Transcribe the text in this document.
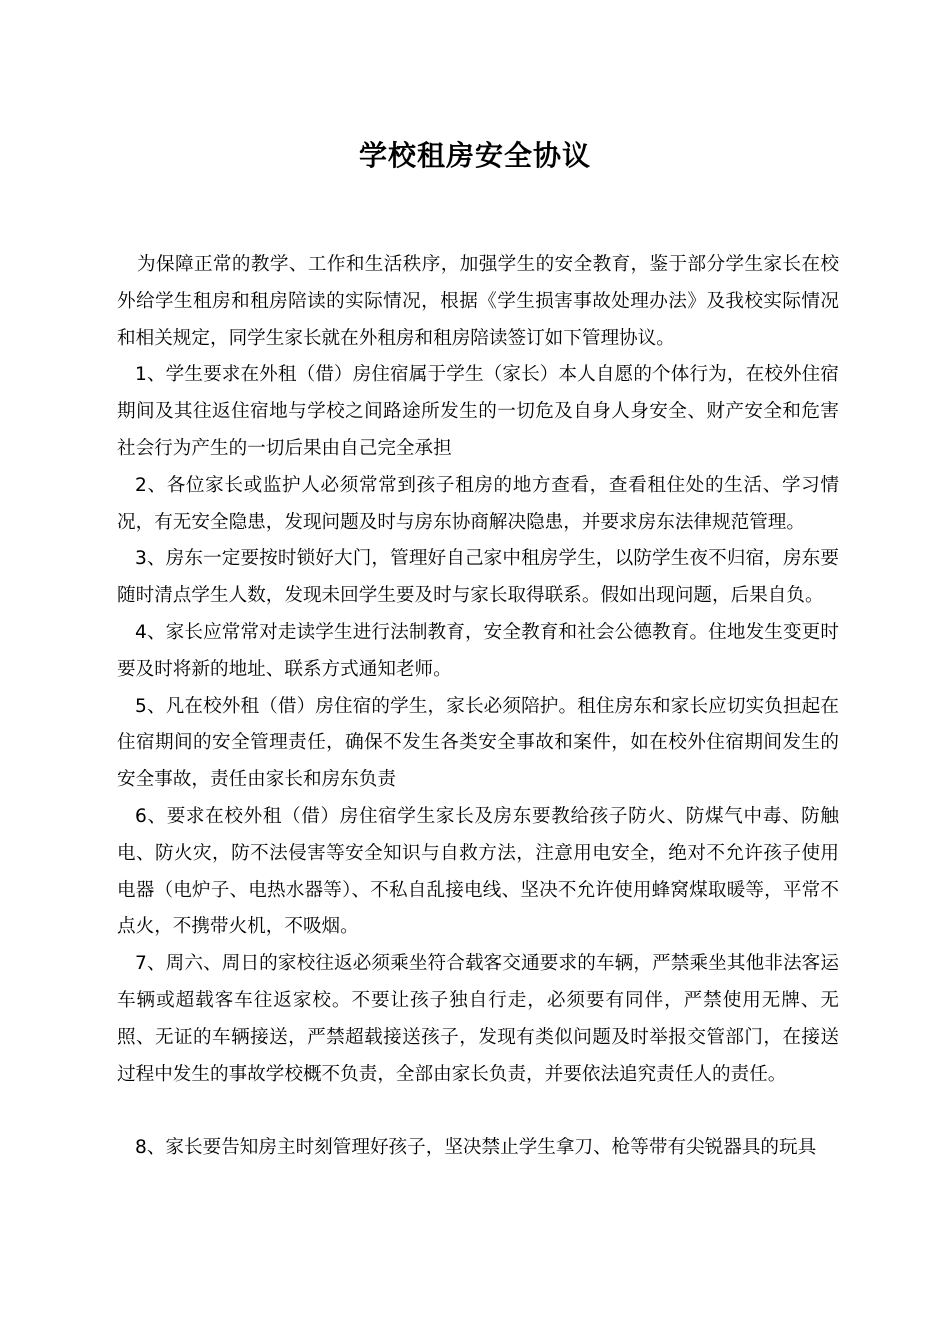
学校租房安全协议

为保障正常的教学、工作和生活秩序，加强学生的安全教育，鉴于部分学生家长在校外给学生租房和租房陪读的实际情况，根据《学生损害事故处理办法》及我校实际情况和相关规定，同学生家长就在外租房和租房陪读签订如下管理协议。

1、学生要求在外租（借）房住宿属于学生（家长）本人自愿的个体行为，在校外住宿期间及其往返住宿地与学校之间路途所发生的一切危及自身人身安全、财产安全和危害社会行为产生的一切后果由自己完全承担

2、各位家长或监护人必须常常到孩子租房的地方查看，查看租住处的生活、学习情况，有无安全隐患，发现问题及时与房东协商解决隐患，并要求房东法律规范管理。

3、房东一定要按时锁好大门，管理好自己家中租房学生，以防学生夜不归宿，房东要随时清点学生人数，发现未回学生要及时与家长取得联系。假如出现问题，后果自负。

4、家长应常常对走读学生进行法制教育，安全教育和社会公德教育。住地发生变更时要及时将新的地址、联系方式通知老师。

5、凡在校外租（借）房住宿的学生，家长必须陪护。租住房东和家长应切实负担起在住宿期间的安全管理责任，确保不发生各类安全事故和案件，如在校外住宿期间发生的安全事故，责任由家长和房东负责

6、要求在校外租（借）房住宿学生家长及房东要教给孩子防火、防煤气中毒、防触电、防火灾，防不法侵害等安全知识与自救方法，注意用电安全，绝对不允许孩子使用电器（电炉子、电热水器等）、不私自乱接电线、坚决不允许使用蜂窝煤取暖等，平常不点火，不携带火机，不吸烟。

7、周六、周日的家校往返必须乘坐符合载客交通要求的车辆，严禁乘坐其他非法客运车辆或超载客车往返家校。不要让孩子独自行走，必须要有同伴，严禁使用无牌、无照、无证的车辆接送，严禁超载接送孩子，发现有类似问题及时举报交管部门，在接送过程中发生的事故学校概不负责，全部由家长负责，并要依法追究责任人的责任。

8、家长要告知房主时刻管理好孩子，坚决禁止学生拿刀、枪等带有尖锐器具的玩具
